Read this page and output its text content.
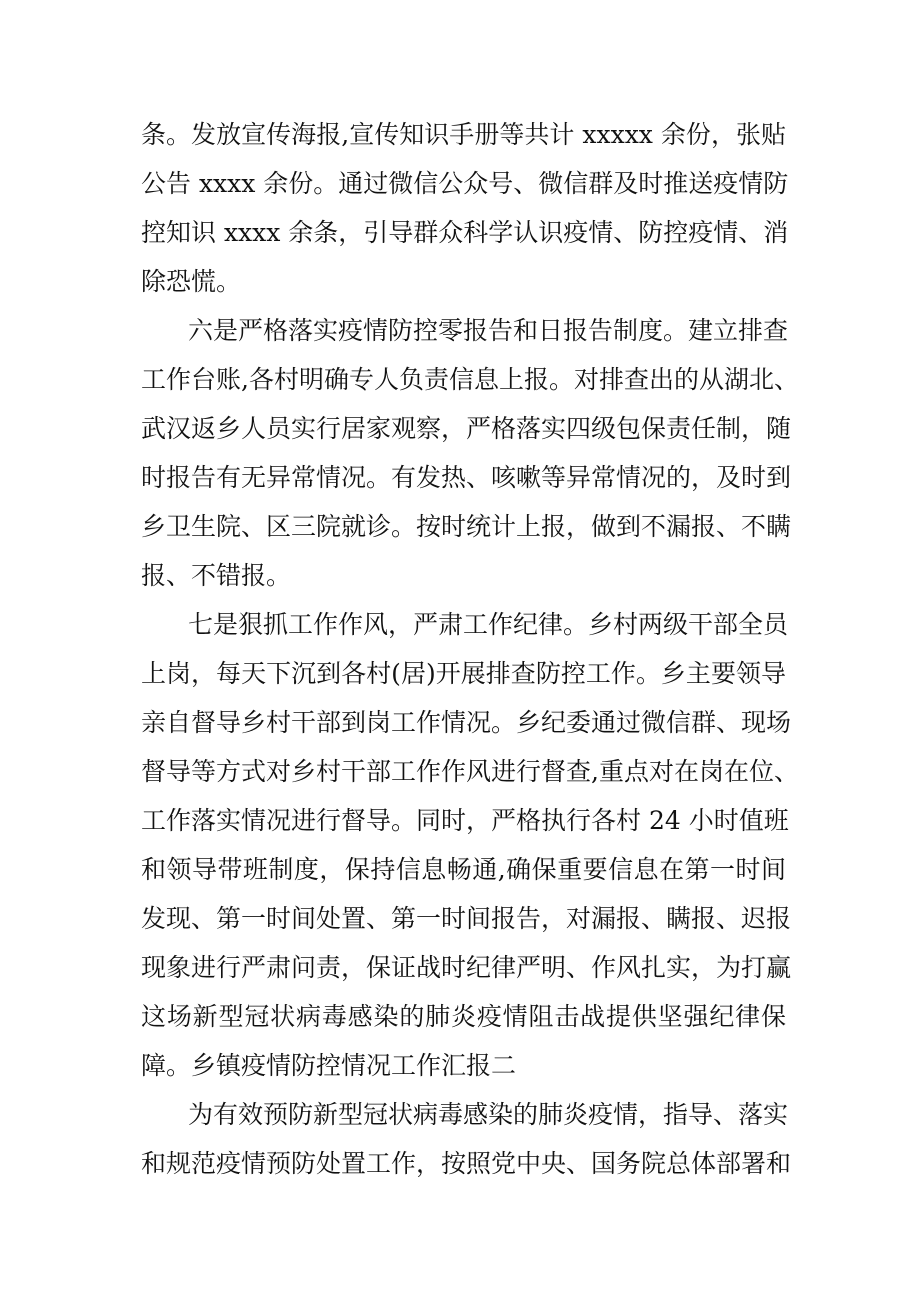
条。发放宣传海报,宣传知识手册等共计 xxxxx 余份，张贴
公告 xxxx 余份。通过微信公众号、微信群及时推送疫情防
控知识 xxxx 余条，引导群众科学认识疫情、防控疫情、消
除恐慌。
六是严格落实疫情防控零报告和日报告制度。建立排查
工作台账,各村明确专人负责信息上报。对排查出的从湖北、
武汉返乡人员实行居家观察，严格落实四级包保责任制，随
时报告有无异常情况。有发热、咳嗽等异常情况的，及时到
乡卫生院、区三院就诊。按时统计上报，做到不漏报、不瞒
报、不错报。
七是狠抓工作作风，严肃工作纪律。乡村两级干部全员
上岗，每天下沉到各村(居)开展排查防控工作。乡主要领导
亲自督导乡村干部到岗工作情况。乡纪委通过微信群、现场
督导等方式对乡村干部工作作风进行督查,重点对在岗在位、
工作落实情况进行督导。同时，严格执行各村 24 小时值班
和领导带班制度，保持信息畅通,确保重要信息在第一时间
发现、第一时间处置、第一时间报告，对漏报、瞒报、迟报
现象进行严肃问责，保证战时纪律严明、作风扎实，为打赢
这场新型冠状病毒感染的肺炎疫情阻击战提供坚强纪律保
障。乡镇疫情防控情况工作汇报二
为有效预防新型冠状病毒感染的肺炎疫情，指导、落实
和规范疫情预防处置工作，按照党中央、国务院总体部署和
